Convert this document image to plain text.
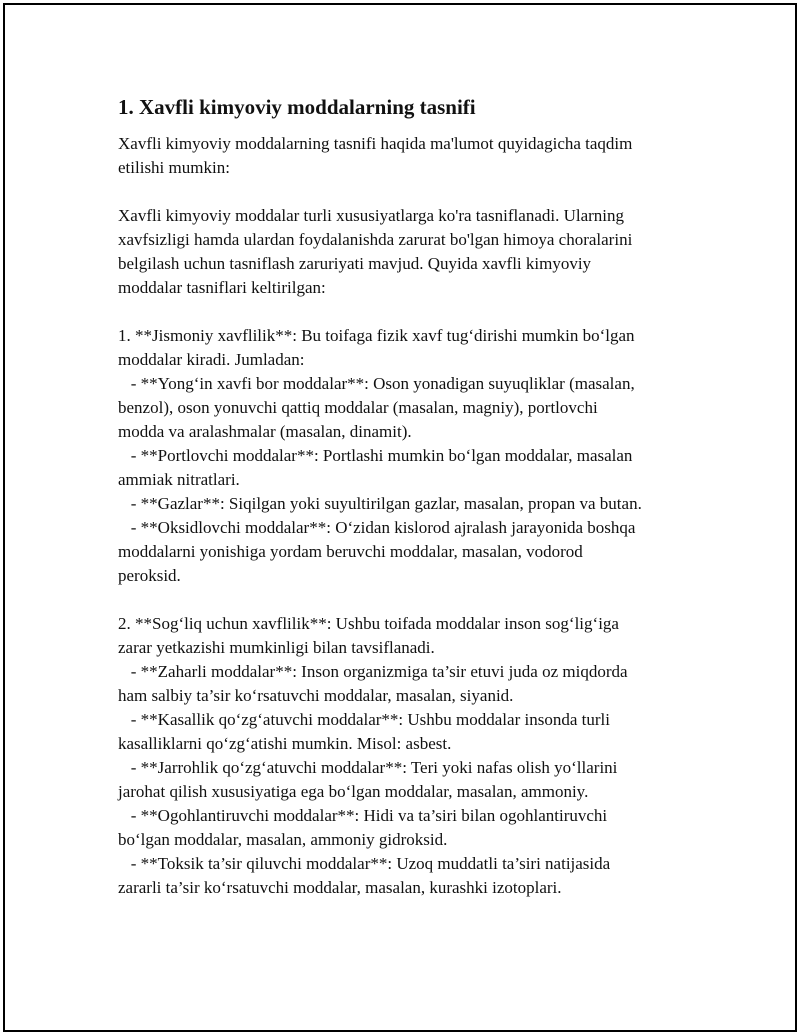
1. Xavfli kimyoviy moddalarning tasnifi

Xavfli kimyoviy moddalarning tasnifi haqida ma'lumot quyidagicha taqdim
etilishi mumkin:

Xavfli kimyoviy moddalar turli xususiyatlarga ko'ra tasniflanadi. Ularning
xavfsizligi hamda ulardan foydalanishda zarurat bo'lgan himoya choralarini
belgilash uchun tasniflash zaruriyati mavjud. Quyida xavfli kimyoviy
moddalar tasniflari keltirilgan:

1. **Jismoniy xavflilik**: Bu toifaga fizik xavf tug‘dirishi mumkin bo‘lgan
moddalar kiradi. Jumladan:
- **Yong‘in xavfi bor moddalar**: Oson yonadigan suyuqliklar (masalan,
benzol), oson yonuvchi qattiq moddalar (masalan, magniy), portlovchi
modda va aralashmalar (masalan, dinamit).
- **Portlovchi moddalar**: Portlashi mumkin bo‘lgan moddalar, masalan
ammiak nitratlari.
- **Gazlar**: Siqilgan yoki suyultirilgan gazlar, masalan, propan va butan.
- **Oksidlovchi moddalar**: O‘zidan kislorod ajralash jarayonida boshqa
moddalarni yonishiga yordam beruvchi moddalar, masalan, vodorod
peroksid.

2. **Sog‘liq uchun xavflilik**: Ushbu toifada moddalar inson sog‘lig‘iga
zarar yetkazishi mumkinligi bilan tavsiflanadi.
- **Zaharli moddalar**: Inson organizmiga ta’sir etuvi juda oz miqdorda
ham salbiy ta’sir ko‘rsatuvchi moddalar, masalan, siyanid.
- **Kasallik qo‘zg‘atuvchi moddalar**: Ushbu moddalar insonda turli
kasalliklarni qo‘zg‘atishi mumkin. Misol: asbest.
- **Jarrohlik qo‘zg‘atuvchi moddalar**: Teri yoki nafas olish yo‘llarini
jarohat qilish xususiyatiga ega bo‘lgan moddalar, masalan, ammoniy.
- **Ogohlantiruvchi moddalar**: Hidi va ta’siri bilan ogohlantiruvchi
bo‘lgan moddalar, masalan, ammoniy gidroksid.
- **Toksik ta’sir qiluvchi moddalar**: Uzoq muddatli ta’siri natijasida
zararli ta’sir ko‘rsatuvchi moddalar, masalan, kurashki izotoplari.
